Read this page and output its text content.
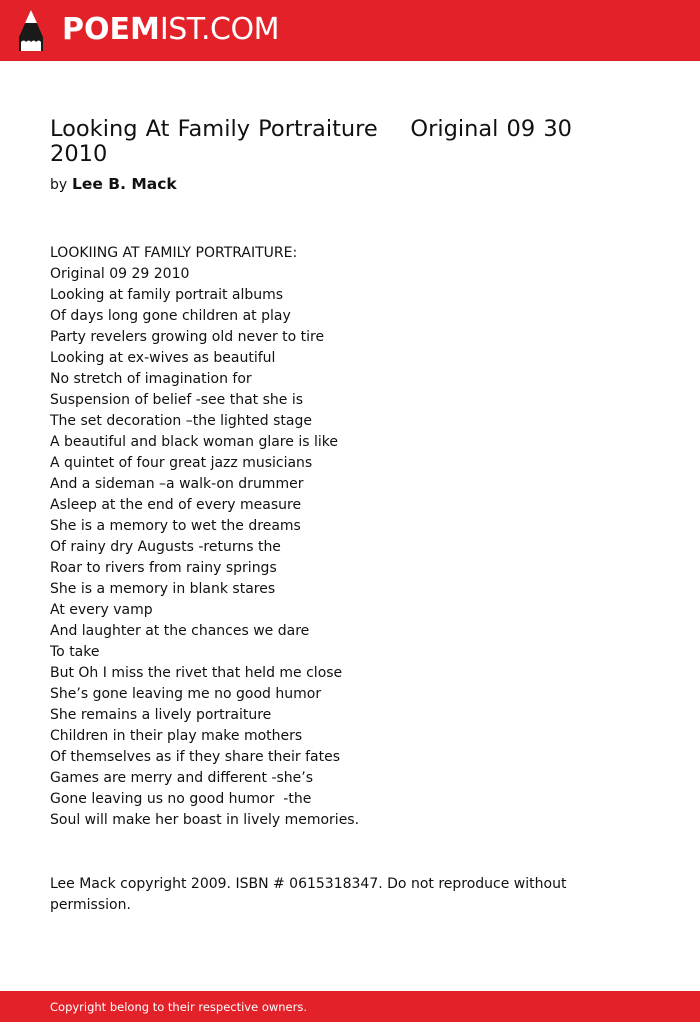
POEMIST.COM
Looking At Family Portraiture    Original 09 30 2010
by Lee B. Mack
LOOKIING AT FAMILY PORTRAITURE:
Original 09 29 2010
Looking at family portrait albums
Of days long gone children at play
Party revelers growing old never to tire
Looking at ex-wives as beautiful
No stretch of imagination for
Suspension of belief -see that she is
The set decoration –the lighted stage
A beautiful and black woman glare is like
A quintet of four great jazz musicians
And a sideman –a walk-on drummer
Asleep at the end of every measure
She is a memory to wet the dreams
Of rainy dry Augusts -returns the
Roar to rivers from rainy springs
She is a memory in blank stares
At every vamp
And laughter at the chances we dare
To take
But Oh I miss the rivet that held me close
She’s gone leaving me no good humor
She remains a lively portraiture
Children in their play make mothers
Of themselves as if they share their fates
Games are merry and different -she’s
Gone leaving us no good humor  -the
Soul will make her boast in lively memories.
Lee Mack copyright 2009. ISBN # 0615318347. Do not reproduce without permission.
Copyright belong to their respective owners.
